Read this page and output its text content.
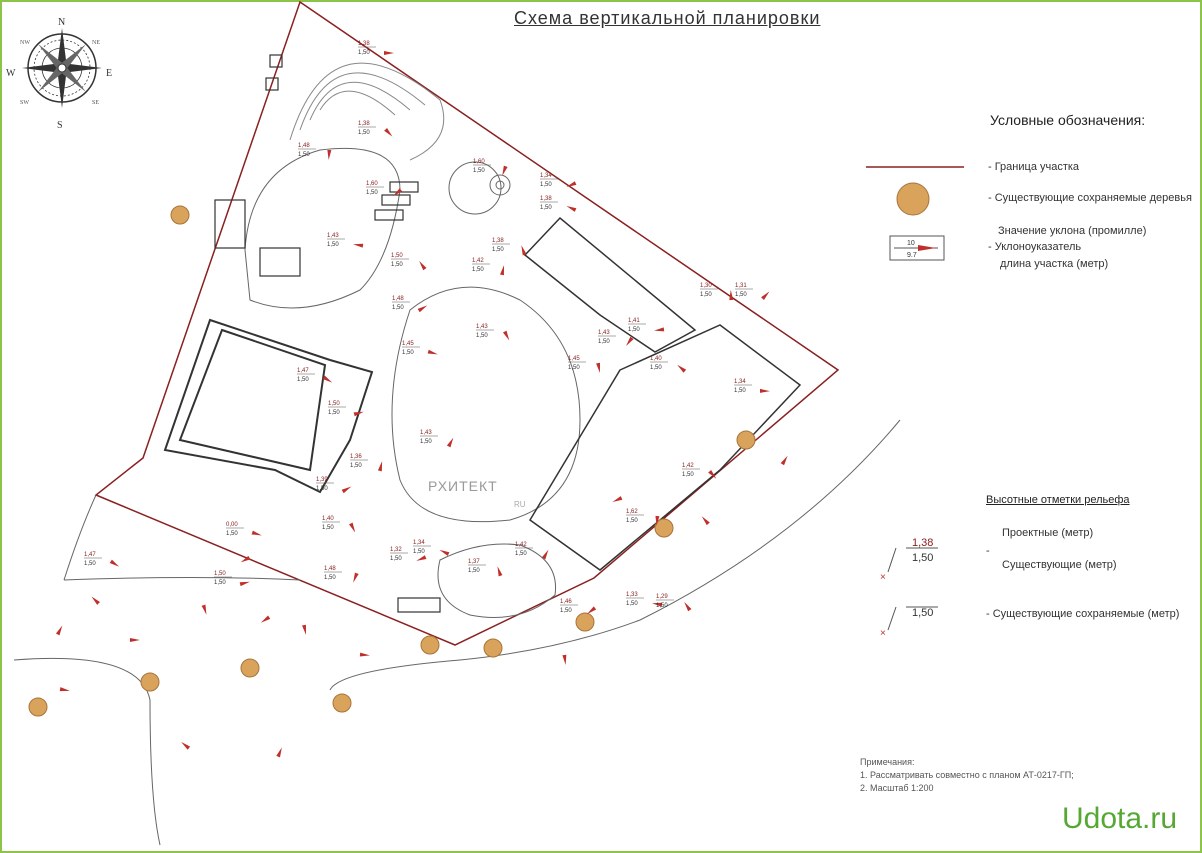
10
9.7
×
×
1,38
1,50
1,50
N
E
S
W
NW	NE
SE
SW
1,38
1,50
1,38
1,50
1,48
1,50
1,60
1,50
1,43
1,50
1,50
1,50
1,42
1,50
1,48
1,50
1,45
1,50
1,43
1,50
1,60
1,50
1,34
1,50
1,38
1,50
1,38
1,50
1,43
1,50
1,50
1,50
1,47
1,50
1,45
1,50
1,43
1,50
1,41
1,50
1,40
1,50
1,30
1,50
1,31
1,50
1,34
1,50
1,42
1,50
1,62
1,50
1,46
1,50
1,33
1,50
1,29
1,50
1,36
1,50
1,39
1,50
0,00
1,50
1,40
1,50
1,48
1,50
1,32
1,50
1,34
1,50
1,37
1,50
1,42
1,50
1,50
1,50
1,47
1,50
Схема вертикальной планировки
Условные обозначения:
- Граница участка
- Существующие сохраняемые деревья
Значение уклона (промилле)
- Уклоноуказатель
длина участка (метр)
Высотные отметки рельефа
Проектные (метр)
-
Существующие (метр)
- Существующие сохраняемые (метр)
Примечания:
1. Рассматривать совместно с планом АТ-0217-ГП;
2. Масштаб 1:200
РХИТЕКТ
RU
Udota.ru
